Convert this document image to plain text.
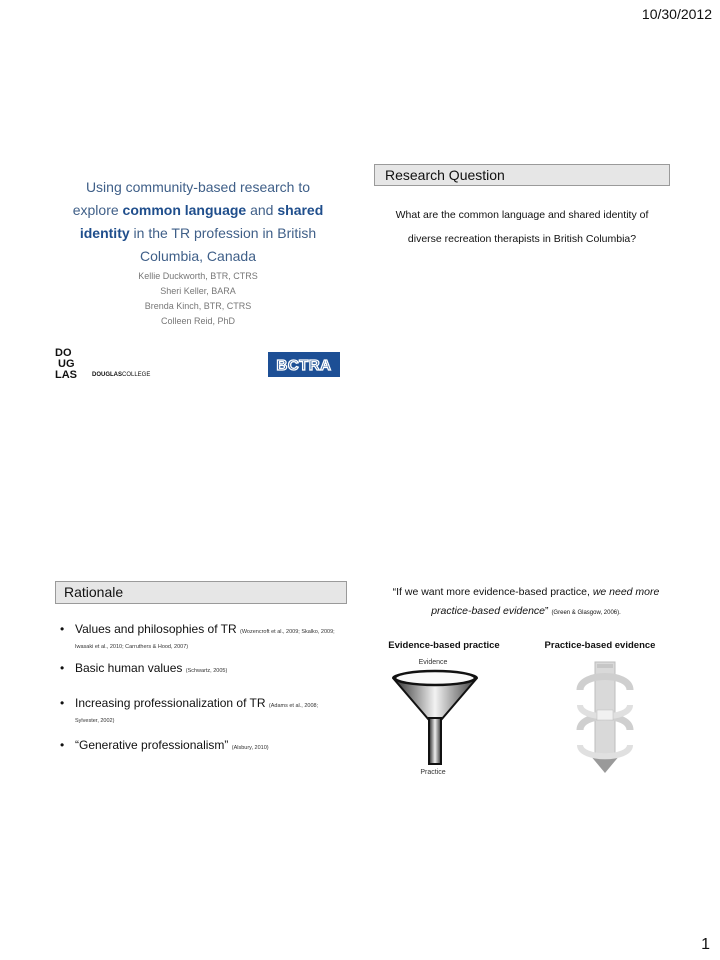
10/30/2012
Using community-based research to explore common language and shared identity in the TR profession in British Columbia, Canada
Kellie Duckworth, BTR, CTRS
Sheri Keller, BARA
Brenda Kinch, BTR, CTRS
Colleen Reid, PhD
DO
UG
LAS	DOUGLASCOLLEGE
BCTRA
Research Question
What are the common language and shared identity of diverse recreation therapists in British Columbia?
Rationale
• Values and philosophies of TR (Wozencroft et al., 2009; Skalko, 2009; Iwasaki et al., 2010; Carruthers & Hood, 2007)
• Basic human values (Schwartz, 2005)
• Increasing professionalization of TR (Adams et al., 2008; Sylvester, 2002)
• “Generative professionalism” (Alsbury, 2010)
“If we want more evidence-based practice, we need more practice-based evidence” (Green & Glasgow, 2006).
Evidence-based practice	Practice-based evidence
Evidence
Practice
1
